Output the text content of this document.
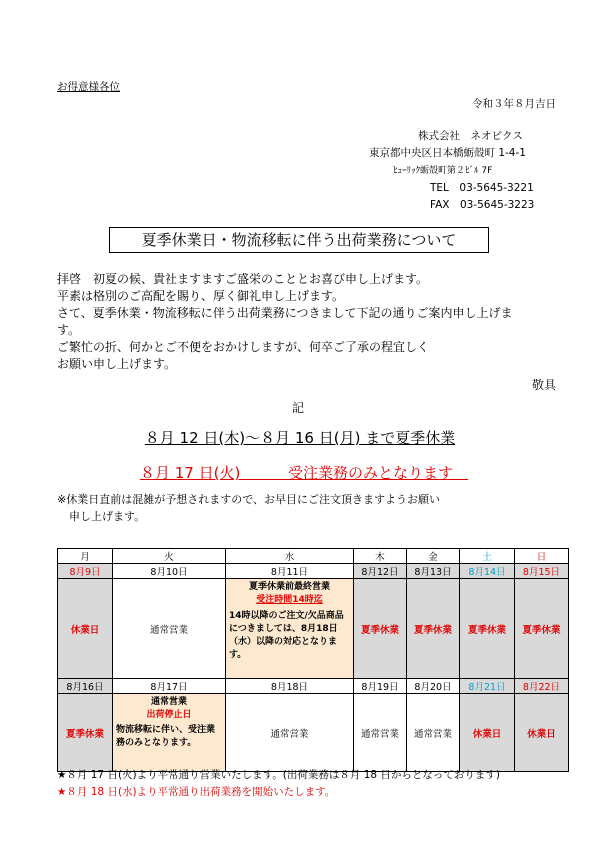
お得意様各位
令和３年８月吉日
株式会社　ネオピクス
東京都中央区日本橋蛎殻町 1-4-1
ﾋｭｰﾘｯｸ蛎殻町第２ﾋﾞﾙ 7F
TEL　03-5645-3221
FAX　03-5645-3223
夏季休業日・物流移転に伴う出荷業務について
拝啓　初夏の候、貴社ますますご盛栄のこととお喜び申し上げます。
平素は格別のご高配を賜り、厚く御礼申し上げます。
さて、夏季休業・物流移転に伴う出荷業務につきまして下記の通りご案内申し上げま
す。
ご繁忙の折、何かとご不便をおかけしますが、何卒ご了承の程宜しく
お願い申し上げます。
敬具
記
８月 12 日(木)～８月 16 日(月) まで夏季休業
８月 17 日(火)	受注業務のみとなります　
※休業日直前は混雑が予想されますので、お早目にご注文頂きますようお願い
申し上げます。
月	火	水	木	金	土	日
8月9日	8月10日	8月11日	8月12日	8月13日	8月14日	8月15日
休業日	通常営業	夏季休業前最終営業
受注時間14時迄
14時以降のご注文/欠品商品につきましては、8月18日（水）以降の対応となります。	夏季休業	夏季休業	夏季休業	夏季休業
8月16日	8月17日	8月18日	8月19日	8月20日	8月21日	8月22日
夏季休業	通常営業
出荷停止日
物流移転に伴い、受注業務のみとなります。	通常営業	通常営業	通常営業	休業日	休業日
★８月 17 日(火)より平常通り営業いたします。(出荷業務は８月 18 日からとなっております)
★８月 18 日(水)より平常通り出荷業務を開始いたします。
